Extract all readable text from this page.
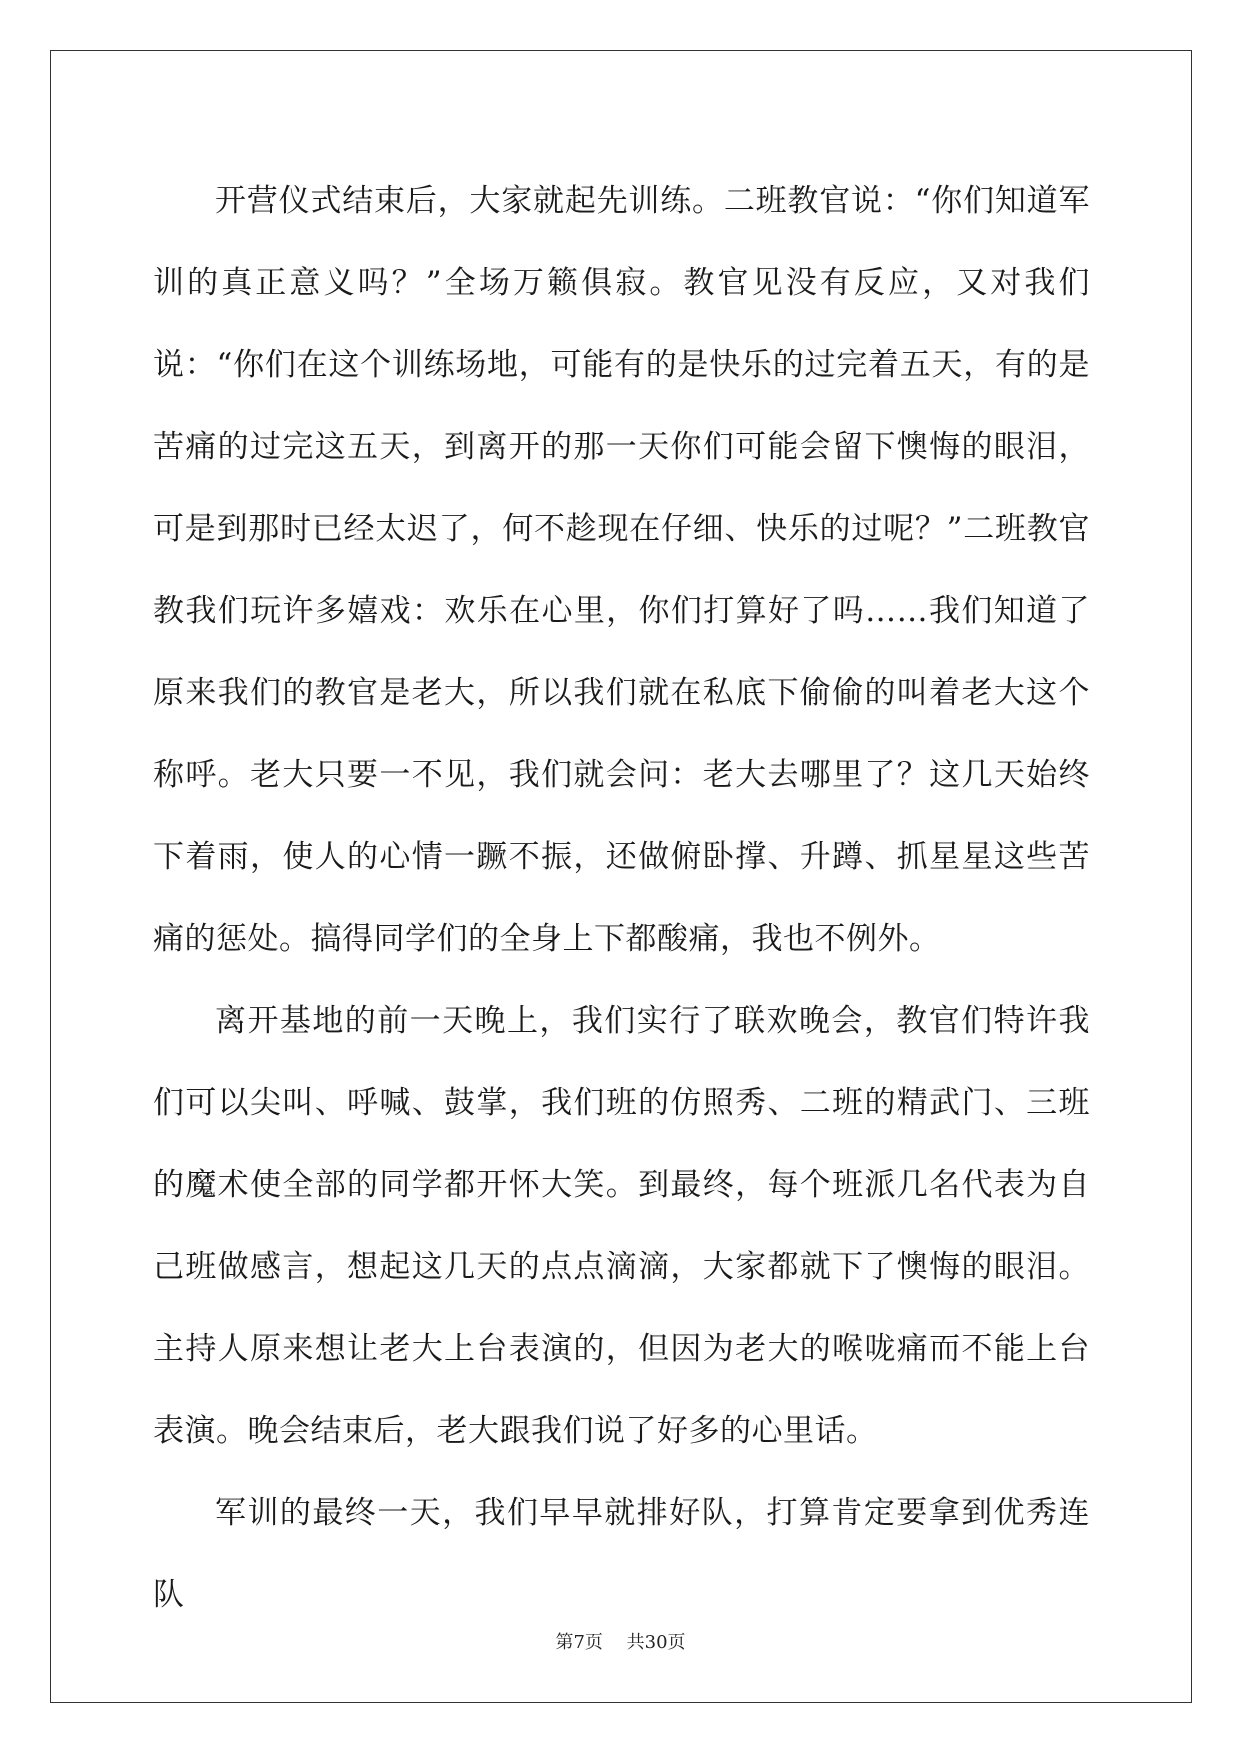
开营仪式结束后，大家就起先训练。二班教官说：“你们知道军训的真正意义吗？”全场万籁俱寂。教官见没有反应，又对我们说：“你们在这个训练场地，可能有的是快乐的过完着五天，有的是苦痛的过完这五天，到离开的那一天你们可能会留下懊悔的眼泪，可是到那时已经太迟了，何不趁现在仔细、快乐的过呢？”二班教官教我们玩许多嬉戏：欢乐在心里，你们打算好了吗……我们知道了原来我们的教官是老大，所以我们就在私底下偷偷的叫着老大这个称呼。老大只要一不见，我们就会问：老大去哪里了？这几天始终下着雨，使人的心情一蹶不振，还做俯卧撑、升蹲、抓星星这些苦痛的惩处。搞得同学们的全身上下都酸痛，我也不例外。

离开基地的前一天晚上，我们实行了联欢晚会，教官们特许我们可以尖叫、呼喊、鼓掌，我们班的仿照秀、二班的精武门、三班的魔术使全部的同学都开怀大笑。到最终，每个班派几名代表为自己班做感言，想起这几天的点点滴滴，大家都就下了懊悔的眼泪。主持人原来想让老大上台表演的，但因为老大的喉咙痛而不能上台表演。晚会结束后，老大跟我们说了好多的心里话。

军训的最终一天，我们早早就排好队，打算肯定要拿到优秀连队

第7页 共30页
